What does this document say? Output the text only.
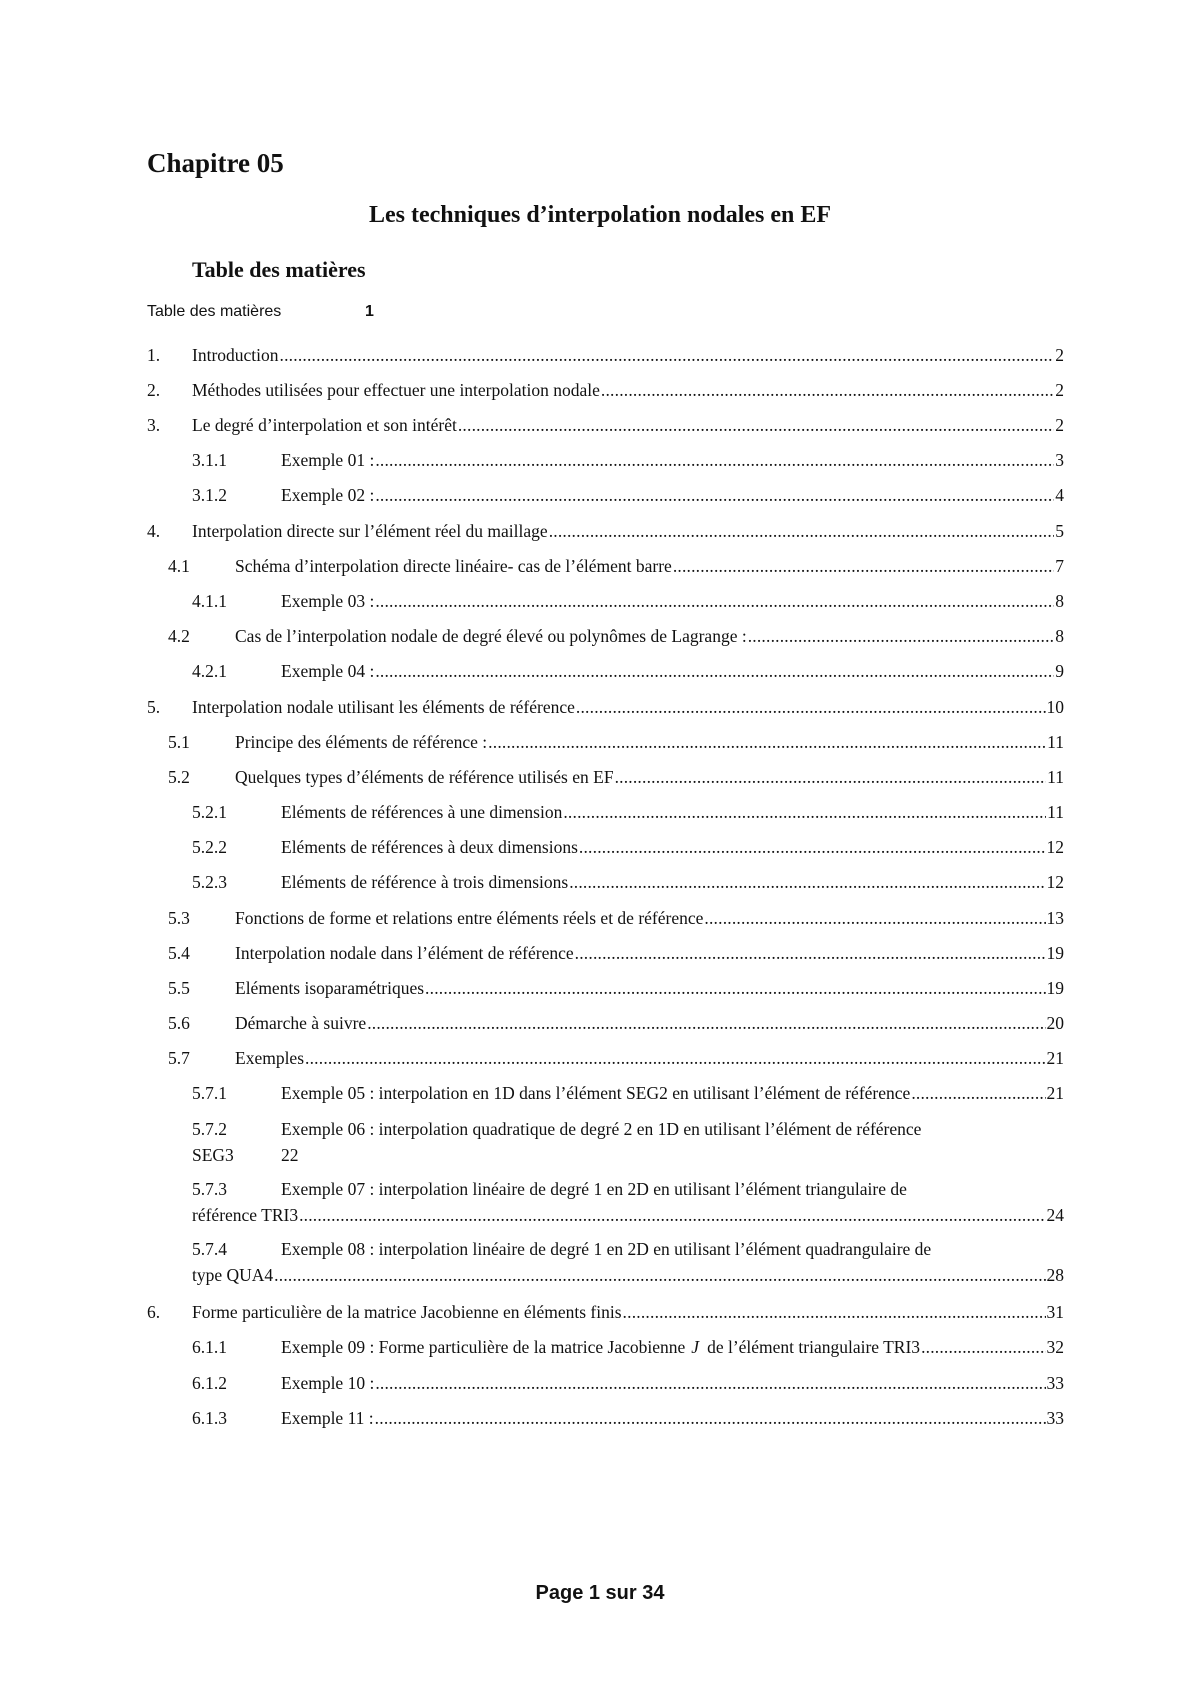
Chapitre 05
Les techniques d’interpolation nodales en EF
Table des matières
Table des matières	1
1. Introduction .....	2
2. Méthodes utilisées pour effectuer une interpolation nodale .....	2
3. Le degré d’interpolation et son intérêt .....	2
3.1.1	Exemple 01 : .....	3
3.1.2	Exemple 02 : .....	4
4. Interpolation directe sur l’élément réel du maillage .....	5
4.1	Schéma d’interpolation directe linéaire- cas de l’élément barre .....	7
4.1.1	Exemple 03 : .....	8
4.2	Cas de l’interpolation nodale de degré élevé ou polynômes de Lagrange : .....	8
4.2.1	Exemple 04 : .....	9
5. Interpolation nodale utilisant les éléments de référence .....	10
5.1	Principe des éléments de référence : .....	11
5.2	Quelques types d’éléments de référence utilisés en EF .....	11
5.2.1	Eléments de références à une dimension .....	11
5.2.2	Eléments de références à deux dimensions .....	12
5.2.3	Eléments de référence à trois dimensions .....	12
5.3	Fonctions de forme et relations entre éléments réels et de référence .....	13
5.4	Interpolation nodale dans l’élément de référence .....	19
5.5	Eléments isoparamétriques .....	19
5.6	Démarche à suivre .....	20
5.7	Exemples .....	21
5.7.1	Exemple 05 : interpolation en 1D dans l’élément SEG2 en utilisant l’élément de référence .....	21
5.7.2	Exemple 06 : interpolation quadratique de degré 2 en 1D en utilisant l’élément de référence
SEG3	22
5.7.3	Exemple 07 : interpolation linéaire de degré 1 en 2D en utilisant l’élément triangulaire de
référence TRI3 .....	24
5.7.4	Exemple 08 : interpolation linéaire de degré 1 en 2D en utilisant l’élément quadrangulaire de
type QUA4 .....	28
6. Forme particulière de la matrice Jacobienne en éléments finis .....	31
6.1.1	Exemple 09 : Forme particulière de la matrice Jacobienne J de l’élément triangulaire TRI3 .....	32
6.1.2	Exemple 10 : .....	33
6.1.3	Exemple 11 : .....	33
Page 1 sur 34
